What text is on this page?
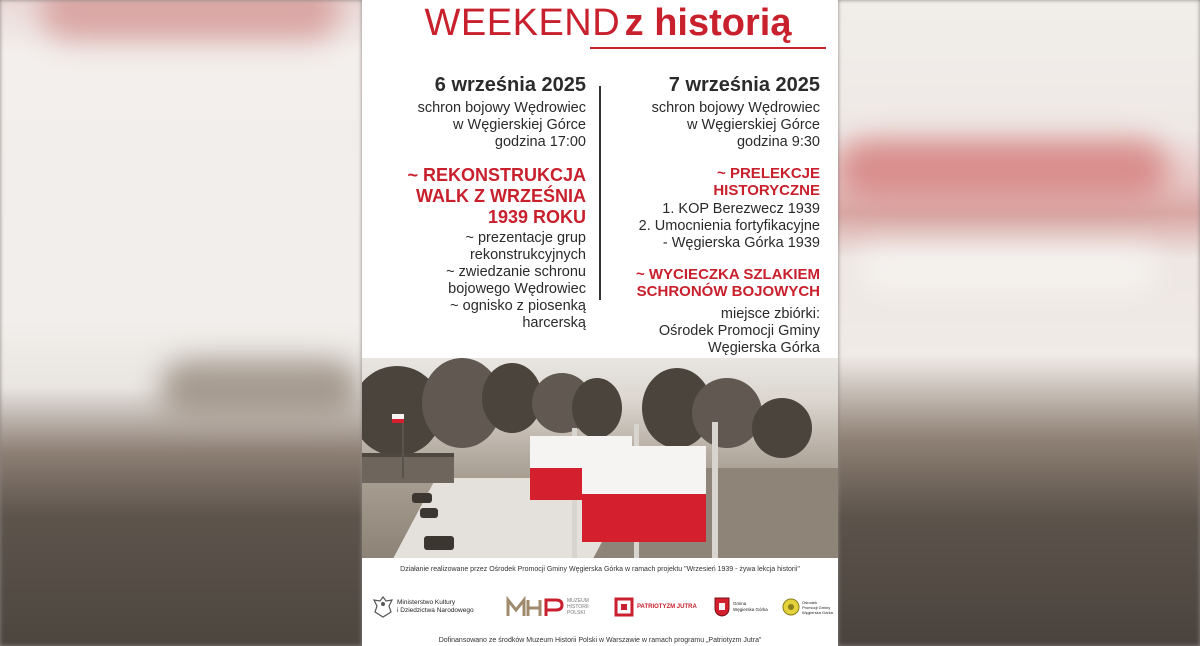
WEEKEND z historią
6 września 2025
schron bojowy Wędrowiec
w Węgierskiej Górce
godzina 17:00
~ REKONSTRUKCJA
WALK Z WRZEŚNIA
1939 ROKU
~ prezentacje grup
rekonstrukcyjnych
~ zwiedzanie schronu
bojowego Wędrowiec
~ ognisko z piosenką
harcerską
7 września 2025
schron bojowy Wędrowiec
w Węgierskiej Górce
godzina 9:30
~ PRELEKCJE
HISTORYCZNE
1. KOP Berezwecz 1939
2. Umocnienia fortyfikacyjne
- Węgierska Górka 1939
~ WYCIECZKA SZLAKIEM
SCHRONÓW BOJOWYCH
miejsce zbiórki:
Ośrodek Promocji Gminy
Węgierska Górka
Działanie realizowane przez Ośrodek Promocji Gminy Węgierska Górka w ramach projektu "Wrzesień 1939 - żywa lekcja historii"
Ministerstwo Kultury
i Dziedzictwa Narodowego
MUZEUM
HISTORII
POLSKI
PATRIOTYZM JUTRA
Gmina
Węgierska Górka
Ośrodek
Promocji Gminy
Węgierska Górka
Dofinansowano ze środków Muzeum Historii Polski w Warszawie w ramach programu „Patriotyzm Jutra”
